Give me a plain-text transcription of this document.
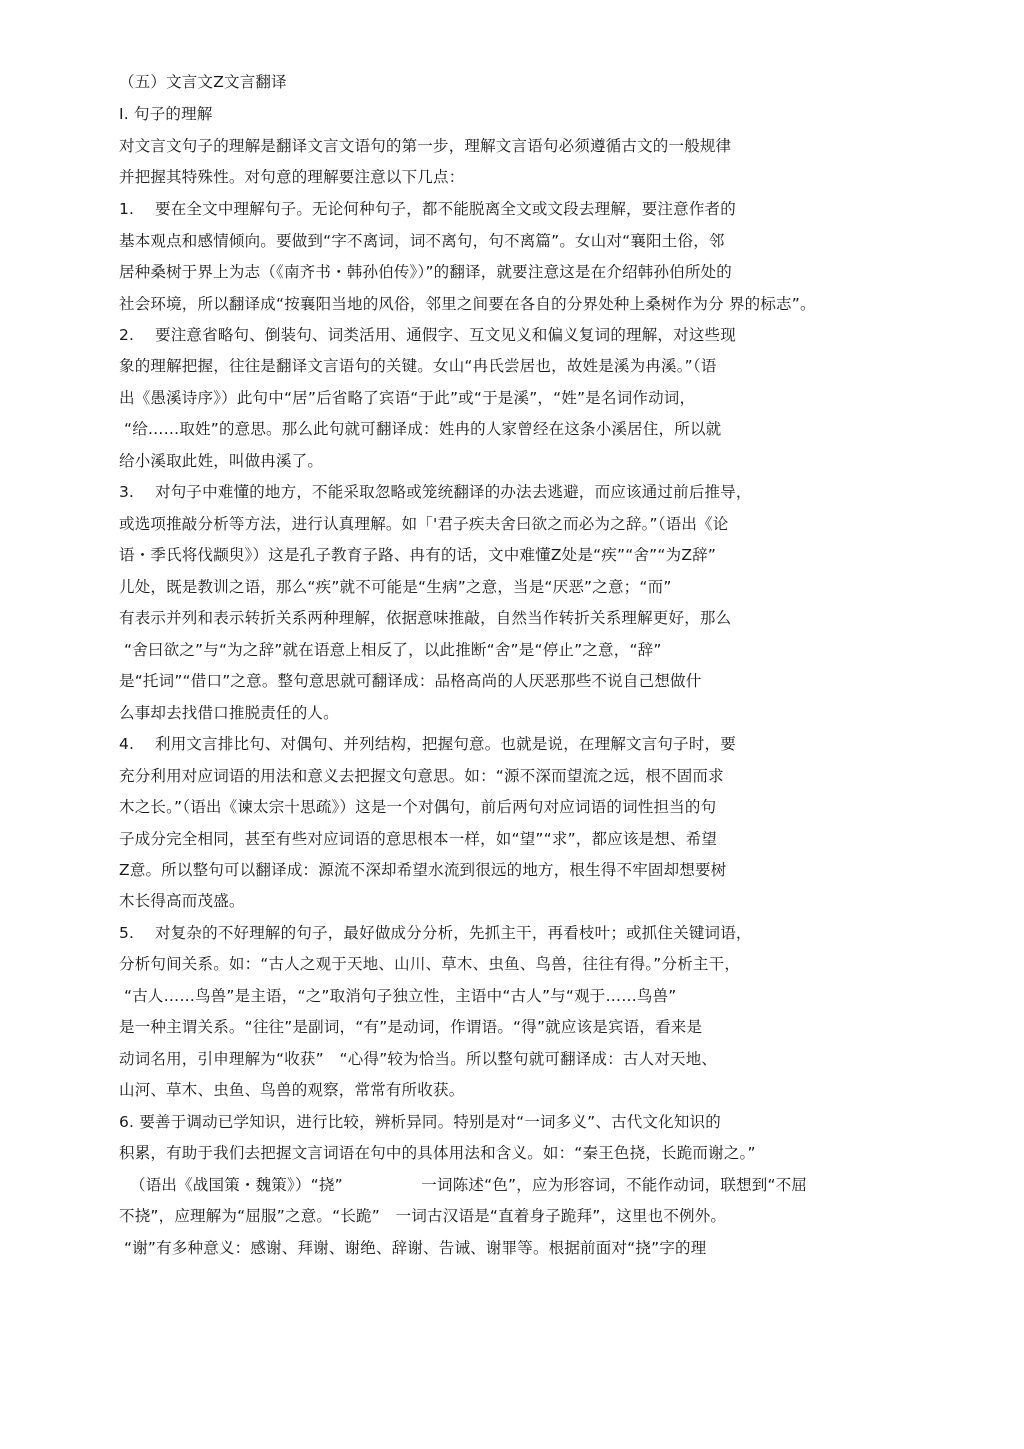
（五）文言文Z文言翻译
I. 句子的理解
对文言文句子的理解是翻译文言文语句的第一步，理解文言语句必须遵循古文的一般规律
并把握其特殊性。对句意的理解要注意以下几点：
1.　 要在全文中理解句子。无论何种句子，都不能脱离全文或文段去理解，要注意作者的
基本观点和感情倾向。要做到“字不离词，词不离句，句不离篇”。女山对“襄阳土俗，邻
居种桑树于界上为志（《南齐书・韩孙伯传》）”的翻译，就要注意这是在介绍韩孙伯所处的
社会环境，所以翻译成“按襄阳当地的风俗，邻里之间要在各自的分界处种上桑树作为分 界的标志”。
2.　 要注意省略句、倒装句、词类活用、通假字、互文见义和偏义复词的理解，对这些现
象的理解把握，往往是翻译文言语句的关键。女山“冉氏尝居也，故姓是溪为冉溪。”（语
出《愚溪诗序》）此句中“居”后省略了宾语“于此”或“于是溪”，“姓”是名词作动词，
“给……取姓”的意思。那么此句就可翻译成：姓冉的人家曾经在这条小溪居住，所以就
给小溪取此姓，叫做冉溪了。
3.　 对句子中难懂的地方，不能采取忽略或笼统翻译的办法去逃避，而应该通过前后推导，
或选项推敲分析等方法，进行认真理解。如「'君子疾夫舍曰欲之而必为之辞。”（语出《论
语・季氏将伐颛臾》）这是孔子教育子路、冉有的话，文中难懂Z处是“疾”“舍”“为Z辞”
儿处，既是教训之语，那么“疾”就不可能是“生病”之意，当是“厌恶”之意；“而”
有表示并列和表示转折关系两种理解，依据意味推敲，自然当作转折关系理解更好，那么
“舍曰欲之”与“为之辞”就在语意上相反了，以此推断“舍”是“停止”之意，“辞”
是“托词”“借口”之意。整句意思就可翻译成：品格高尚的人厌恶那些不说自己想做什
么事却去找借口推脱责任的人。
4.　 利用文言排比句、对偶句、并列结构，把握句意。也就是说，在理解文言句子时，要
充分利用对应词语的用法和意义去把握文句意思。如：“源不深而望流之远，根不固而求
木之长。”（语出《谏太宗十思疏》）这是一个对偶句，前后两句对应词语的词性担当的句
子成分完全相同，甚至有些对应词语的意思根本一样，如“望”“求”，都应该是想、希望
Z意。所以整句可以翻译成：源流不深却希望水流到很远的地方，根生得不牢固却想要树
木长得高而茂盛。
5.　 对复杂的不好理解的句子，最好做成分分析，先抓主干，再看枝叶；或抓住关键词语，
分析句间关系。如：“古人之观于天地、山川、草木、虫鱼、鸟兽，往往有得。”分析主干，
“古人……鸟兽”是主语，“之”取消句子独立性，主语中“古人”与“观于……鸟兽”
是一种主谓关系。“往往”是副词，“有”是动词，作谓语。“得”就应该是宾语，看来是
动词名用，引申理解为“收获”　“心得”较为恰当。所以整句就可翻译成：古人对天地、
山河、草木、虫鱼、鸟兽的观察，常常有所收获。
6. 要善于调动已学知识，进行比较，辨析异同。特别是对“一词多义”、古代文化知识的
积累，有助于我们去把握文言词语在句中的具体用法和含义。如：“秦王色挠，长跪而谢之。”
（语出《战国策・魏策》）“挠”　　　　　一词陈述“色”，应为形容词，不能作动词，联想到“不屈
不挠”，应理解为“屈服”之意。“长跪”　一词古汉语是“直着身子跪拜”，这里也不例外。
“谢”有多种意义：感谢、拜谢、谢绝、辞谢、告诫、谢罪等。根据前面对“挠”字的理
